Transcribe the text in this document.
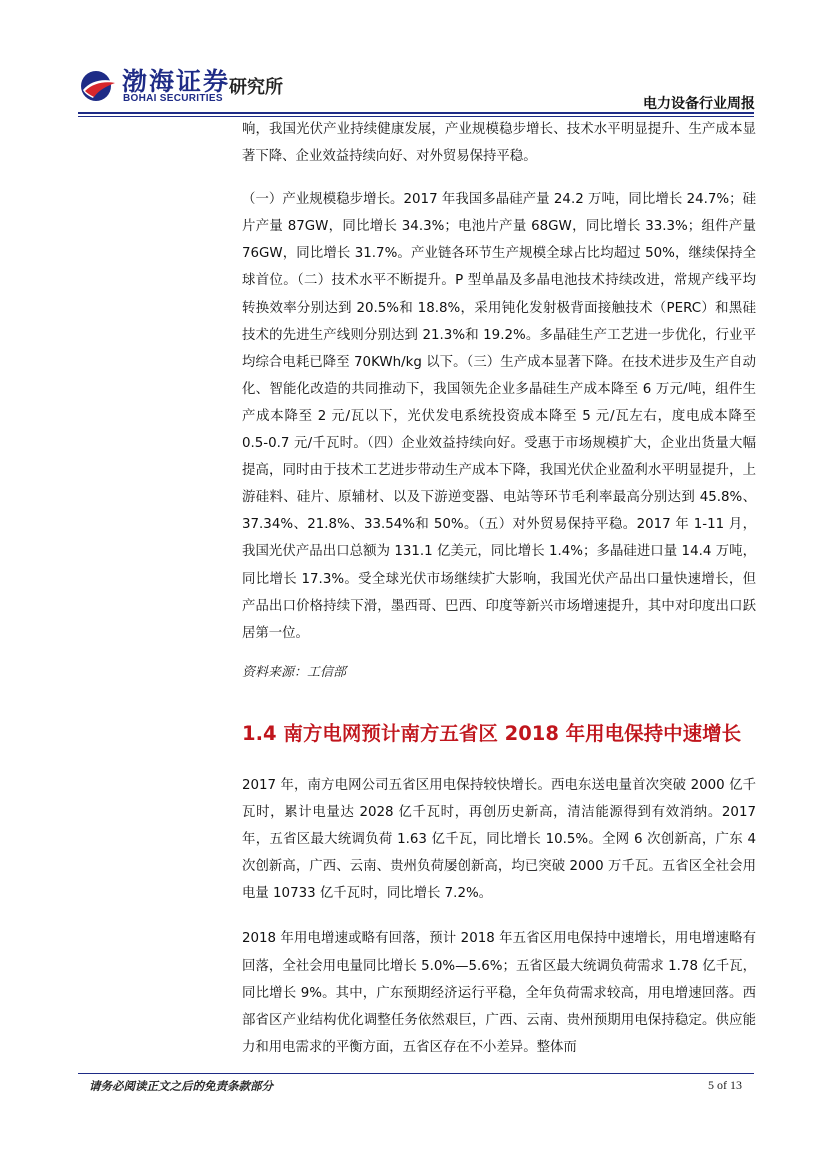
渤海证券
BOHAI SECURITIES
研究所
电力设备行业周报

响，我国光伏产业持续健康发展，产业规模稳步增长、技术水平明显提升、生产成本显著下降、企业效益持续向好、对外贸易保持平稳。

（一）产业规模稳步增长。2017 年我国多晶硅产量 24.2 万吨，同比增长 24.7%；硅片产量 87GW，同比增长 34.3%；电池片产量 68GW，同比增长 33.3%；组件产量 76GW，同比增长 31.7%。产业链各环节生产规模全球占比均超过 50%，继续保持全球首位。（二）技术水平不断提升。P 型单晶及多晶电池技术持续改进，常规产线平均转换效率分别达到 20.5%和 18.8%，采用钝化发射极背面接触技术（PERC）和黑硅技术的先进生产线则分别达到 21.3%和 19.2%。多晶硅生产工艺进一步优化，行业平均综合电耗已降至 70KWh/kg 以下。（三）生产成本显著下降。在技术进步及生产自动化、智能化改造的共同推动下，我国领先企业多晶硅生产成本降至 6 万元/吨，组件生产成本降至 2 元/瓦以下，光伏发电系统投资成本降至 5 元/瓦左右，度电成本降至 0.5-0.7 元/千瓦时。（四）企业效益持续向好。受惠于市场规模扩大，企业出货量大幅提高，同时由于技术工艺进步带动生产成本下降，我国光伏企业盈利水平明显提升，上游硅料、硅片、原辅材、以及下游逆变器、电站等环节毛利率最高分别达到 45.8%、37.34%、21.8%、33.54%和 50%。（五）对外贸易保持平稳。2017 年 1-11 月，我国光伏产品出口总额为 131.1 亿美元，同比增长 1.4%；多晶硅进口量 14.4 万吨，同比增长 17.3%。受全球光伏市场继续扩大影响，我国光伏产品出口量快速增长，但产品出口价格持续下滑，墨西哥、巴西、印度等新兴市场增速提升，其中对印度出口跃居第一位。

资料来源：工信部

1.4 南方电网预计南方五省区 2018 年用电保持中速增长

2017 年，南方电网公司五省区用电保持较快增长。西电东送电量首次突破 2000 亿千瓦时，累计电量达 2028 亿千瓦时，再创历史新高，清洁能源得到有效消纳。2017 年，五省区最大统调负荷 1.63 亿千瓦，同比增长 10.5%。全网 6 次创新高，广东 4 次创新高，广西、云南、贵州负荷屡创新高，均已突破 2000 万千瓦。五省区全社会用电量 10733 亿千瓦时，同比增长 7.2%。

2018 年用电增速或略有回落，预计 2018 年五省区用电保持中速增长，用电增速略有回落，全社会用电量同比增长 5.0%—5.6%；五省区最大统调负荷需求 1.78 亿千瓦，同比增长 9%。其中，广东预期经济运行平稳，全年负荷需求较高，用电增速回落。西部省区产业结构优化调整任务依然艰巨，广西、云南、贵州预期用电保持稳定。供应能力和用电需求的平衡方面，五省区存在不小差异。整体而

请务必阅读正文之后的免责条款部分	5 of 13
